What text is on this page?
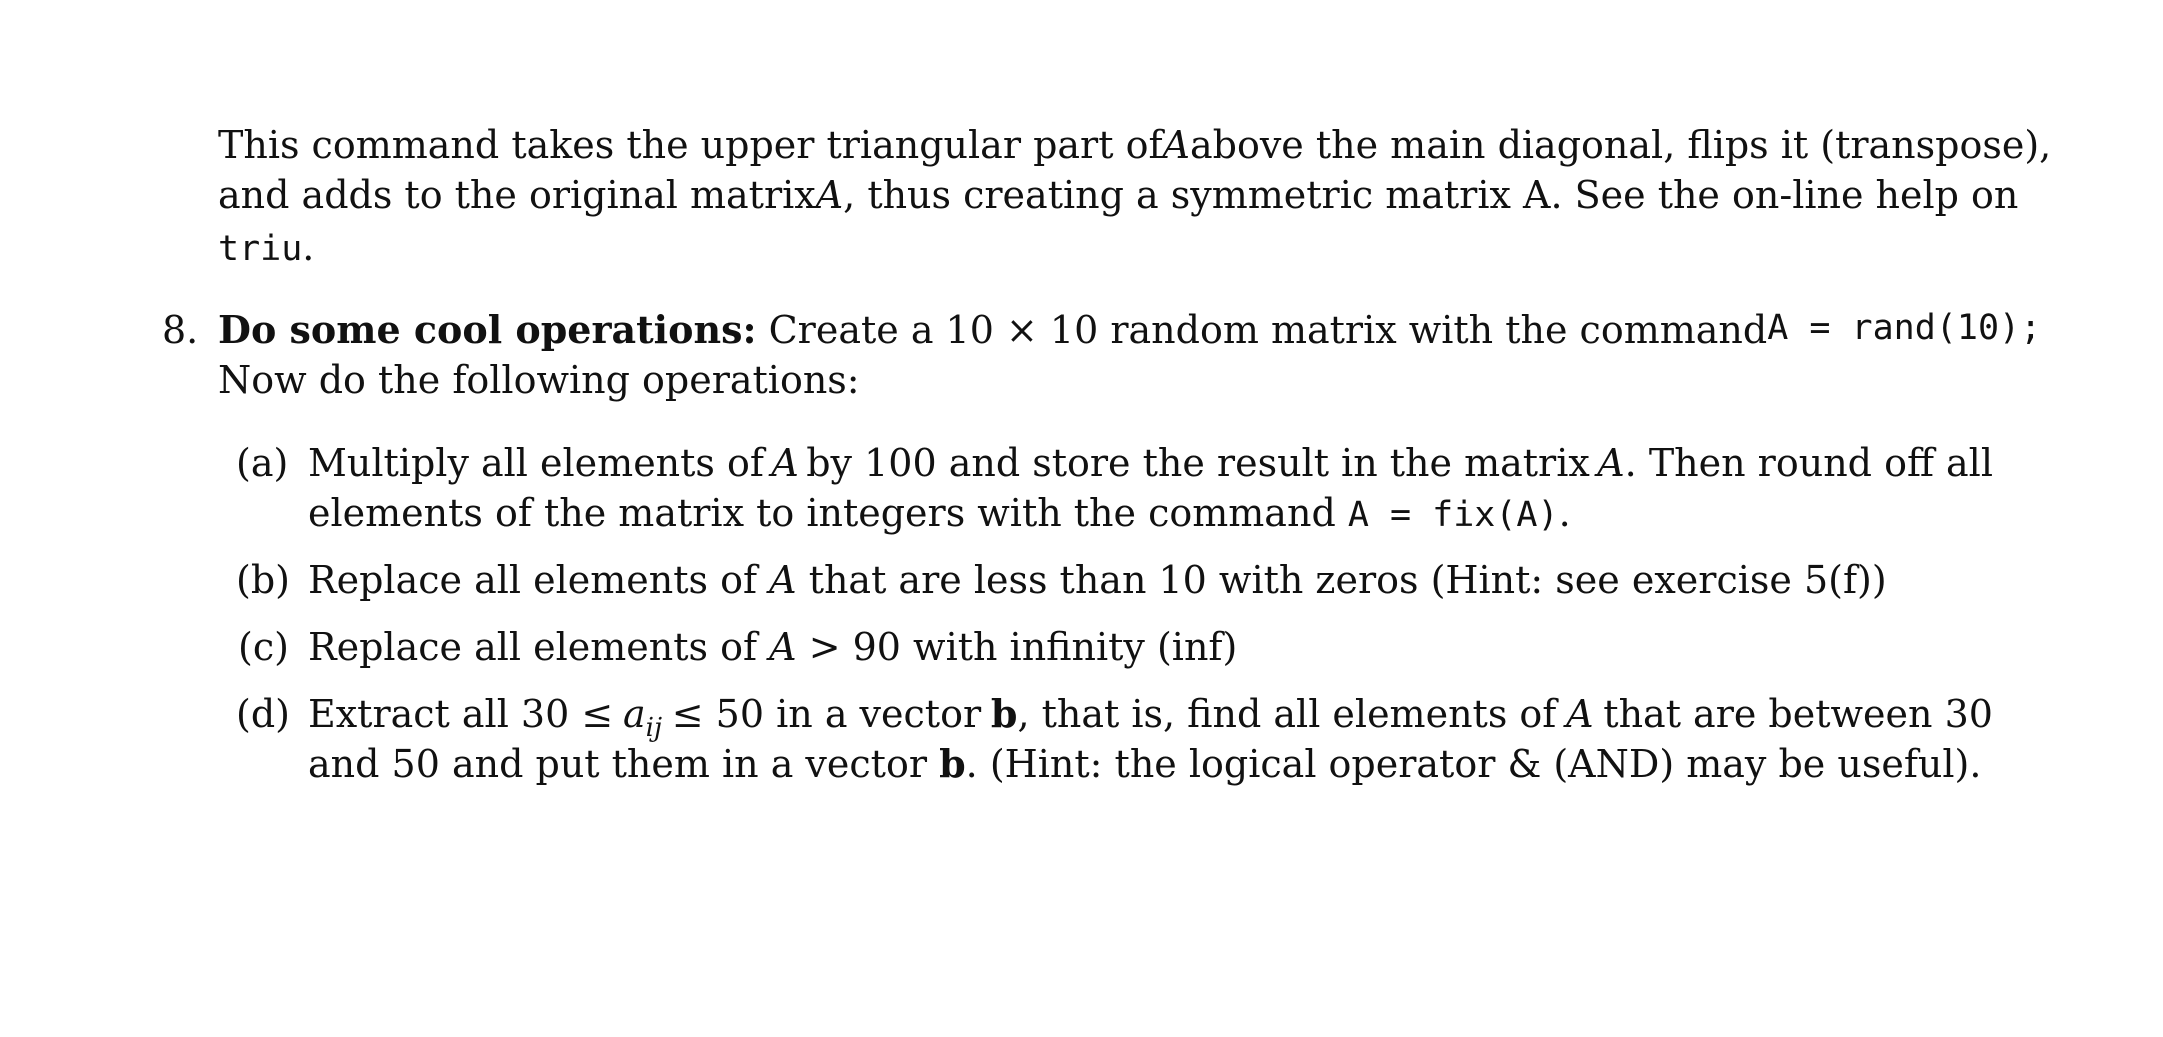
This command takes the upper triangular part of A above the main diagonal, flips it (transpose),
and adds to the original matrix A, thus creating a symmetric matrix A. See the on-line help on
triu.
8. Do some cool operations: Create a 10 × 10 random matrix with the command A = rand(10);
Now do the following operations:
(a) Multiply all elements of A by 100 and store the result in the matrix A. Then round off all
elements of the matrix to integers with the command A = fix(A).
(b) Replace all elements of A that are less than 10 with zeros (Hint: see exercise 5(f))
(c) Replace all elements of A > 90 with infinity (inf)
(d) Extract all $30 \le a_{ij} \le 50$ in a vector b, that is, find all elements of A that are between 30
and 50 and put them in a vector b. (Hint: the logical operator & (AND) may be useful).
